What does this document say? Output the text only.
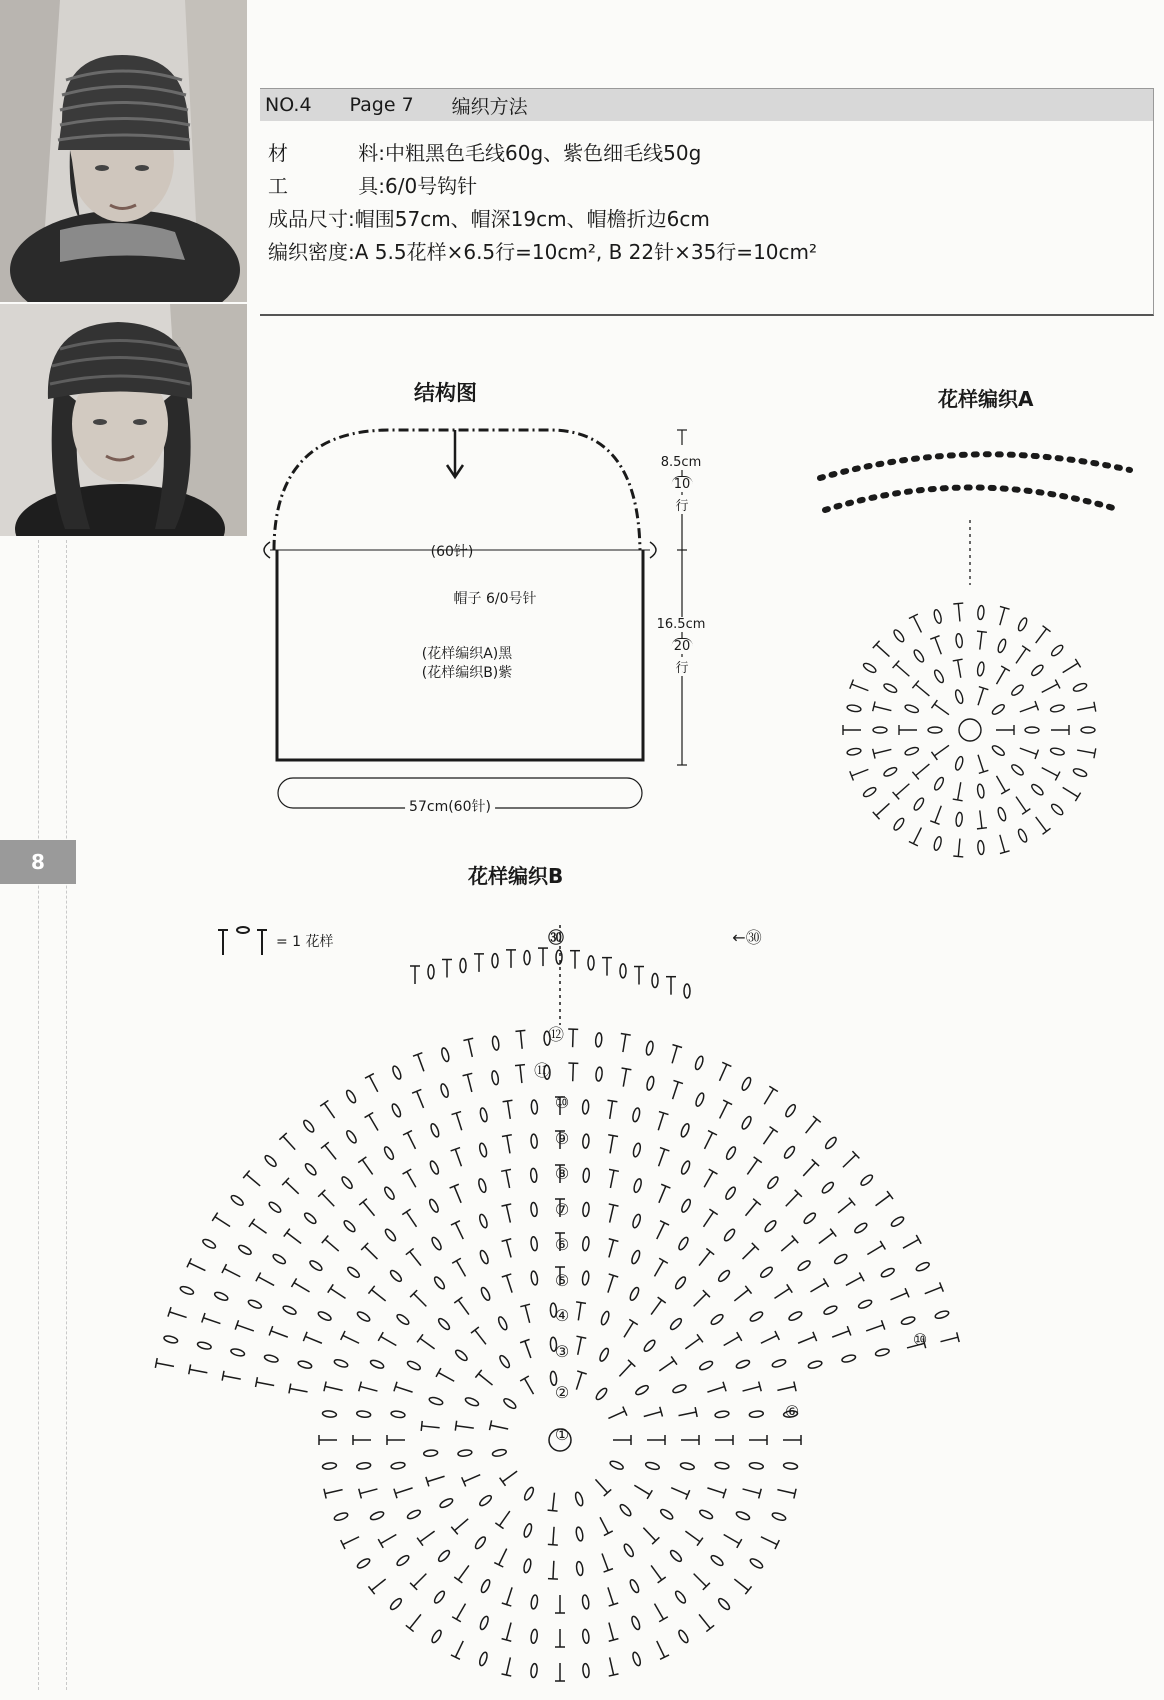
8
NO.4 Page 7 编织方法
材	料: 中粗黑色毛线60g、紫色细毛线50g
工	具: 6/0号钩针
成品尺寸: 帽围57cm、帽深19cm、帽檐折边6cm
编织密度: A 5.5花样×6.5行=10cm², B 22针×35行=10cm²
结构图
(60针)
帽子 6/0号针
(花样编织A)黑
(花样编织B)紫
8.5cm
10
行
16.5cm
20
行
57cm(60针)
花样编织A
花样编织B
= 1 花样	㉚	←㉚
⑫
⑪
⑩
⑨
⑧
⑦
⑥
⑤
④
③
②
①
⑩
⑥
